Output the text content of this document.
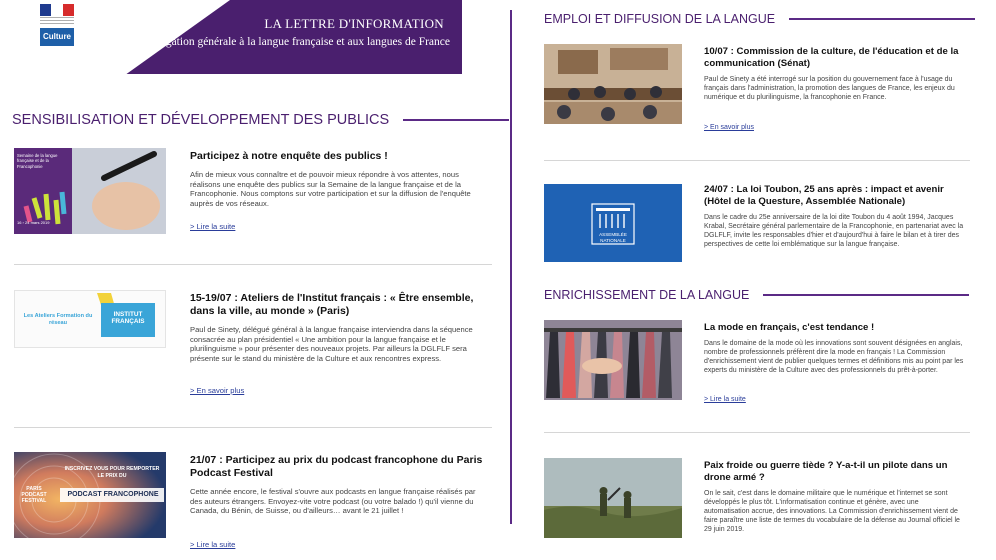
Culture
LA LETTRE D'INFORMATION
de la Délégation générale à la langue française et aux langues de France
SENSIBILISATION ET DÉVELOPPEMENT DES PUBLICS
Semaine de la langue française et de la Francophonie
16 › 24 mars 2019
Participez à notre enquête des publics !
Afin de mieux vous connaître et de pouvoir mieux répondre à vos attentes, nous réalisons une enquête des publics sur la Semaine de la langue française et de la Francophonie. Nous comptons sur votre participation et sur la diffusion de l'enquête auprès de vos réseaux.
> Lire la suite
Les Ateliers Formation du réseau
INSTITUT FRANÇAIS
15-19/07 : Ateliers de l'Institut français : « Être ensemble, dans la ville, au monde » (Paris)
Paul de Sinety, délégué général à la langue française interviendra dans la séquence consacrée au plan présidentiel « Une ambition pour la langue française et le plurilinguisme » pour présenter des nouveaux projets. Par ailleurs la DGLFLF sera présente sur le stand du ministère de la Culture et aux rencontres express.
> En savoir plus
INSCRIVEZ VOUS POUR REMPORTER LE PRIX DU
PODCAST FRANCOPHONE
PARIS PODCAST FESTIVAL
21/07 : Participez au prix du podcast francophone du Paris Podcast Festival
Cette année encore, le festival s'ouvre aux podcasts en langue française réalisés par des auteurs étrangers. Envoyez-vite votre podcast (ou votre balado !) qu'il vienne du Canada, du Bénin, de Suisse, ou d'ailleurs… avant le 21 juillet !
> Lire la suite
EMPLOI ET DIFFUSION DE LA LANGUE
10/07 : Commission de la culture, de l'éducation et de la communication (Sénat)
Paul de Sinety a été interrogé sur la position du gouvernement face à l'usage du français dans l'administration, la promotion des langues de France, les enjeux du numérique et du plurilinguisme, la francophonie en France.
> En savoir plus
ASSEMBLÉE NATIONALE
24/07 : La loi Toubon, 25 ans après : impact et avenir (Hôtel de la Questure, Assemblée Nationale)
Dans le cadre du 25e anniversaire de la loi dite Toubon du 4 août 1994, Jacques Krabal, Secrétaire général parlementaire de la Francophonie, en partenariat avec la DGLFLF, invite les responsables d'hier et d'aujourd'hui à faire le bilan et à tirer des perspectives de cette loi emblématique sur la langue française.
ENRICHISSEMENT DE LA LANGUE
La mode en français, c'est tendance !
Dans le domaine de la mode où les innovations sont souvent désignées en anglais, nombre de professionnels préfèrent dire la mode en français ! La Commission d'enrichissement vient de publier quelques termes et définitions mis au point par les experts du ministère de la Culture avec des professionnels du prêt-à-porter.
> Lire la suite
Paix froide ou guerre tiède ? Y-a-t-il un pilote dans un drone armé ?
On le sait, c'est dans le domaine militaire que le numérique et l'internet se sont développés le plus tôt. L'informatisation continue et génère, avec une automatisation accrue, des innovations. La Commission d'enrichissement vient de faire paraître une liste de termes du vocabulaire de la défense au Journal officiel le 29 juin 2019.
